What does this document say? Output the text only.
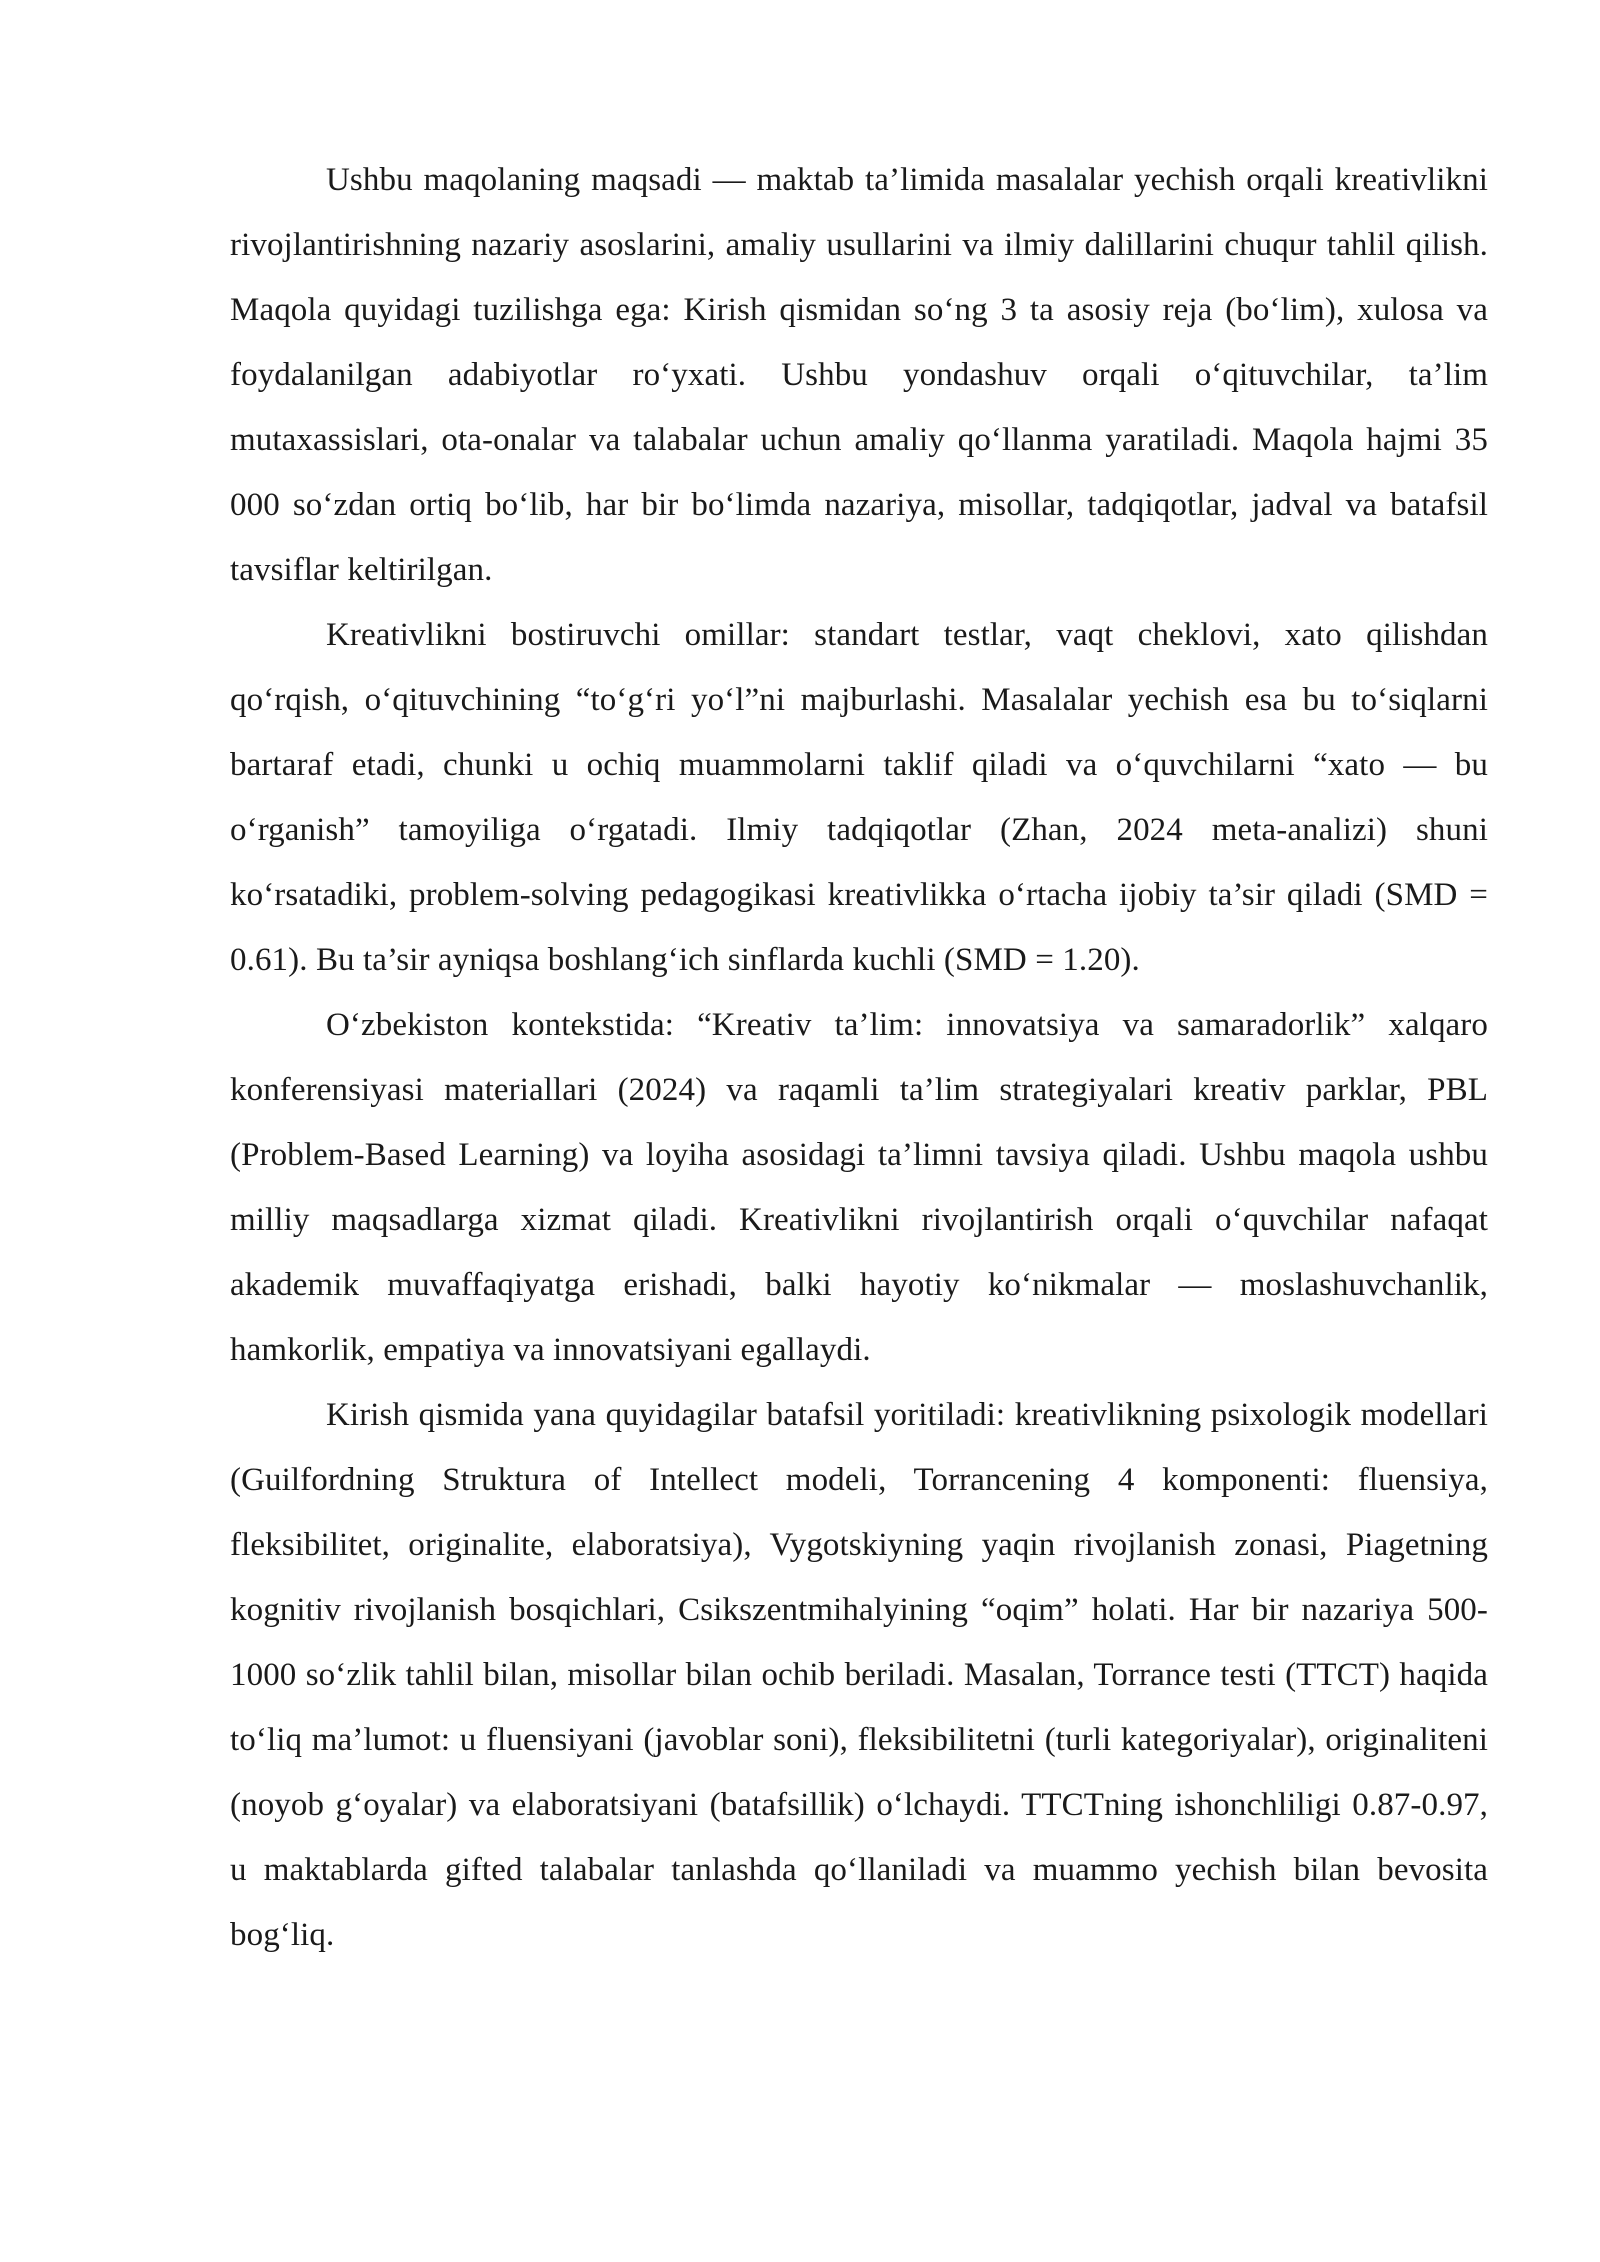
Ushbu maqolaning maqsadi — maktab ta’limida masalalar yechish orqali kreativlikni rivojlantirishning nazariy asoslarini, amaliy usullarini va ilmiy dalillarini chuqur tahlil qilish. Maqola quyidagi tuzilishga ega: Kirish qismidan so‘ng 3 ta asosiy reja (bo‘lim), xulosa va foydalanilgan adabiyotlar ro‘yxati. Ushbu yondashuv orqali o‘qituvchilar, ta’lim mutaxassislari, ota-onalar va talabalar uchun amaliy qo‘llanma yaratiladi. Maqola hajmi 35 000 so‘zdan ortiq bo‘lib, har bir bo‘limda nazariya, misollar, tadqiqotlar, jadval va batafsil tavsiflar keltirilgan.

Kreativlikni bostiruvchi omillar: standart testlar, vaqt cheklovi, xato qilishdan qo‘rqish, o‘qituvchining “to‘g‘ri yo‘l”ni majburlashi. Masalalar yechish esa bu to‘siqlarni bartaraf etadi, chunki u ochiq muammolarni taklif qiladi va o‘quvchilarni “xato — bu o‘rganish” tamoyiliga o‘rgatadi. Ilmiy tadqiqotlar (Zhan, 2024 meta-analizi) shuni ko‘rsatadiki, problem-solving pedagogikasi kreativlikka o‘rtacha ijobiy ta’sir qiladi (SMD = 0.61). Bu ta’sir ayniqsa boshlang‘ich sinflarda kuchli (SMD = 1.20).

O‘zbekiston kontekstida: “Kreativ ta’lim: innovatsiya va samaradorlik” xalqaro konferensiyasi materiallari (2024) va raqamli ta’lim strategiyalari kreativ parklar, PBL (Problem-Based Learning) va loyiha asosidagi ta’limni tavsiya qiladi. Ushbu maqola ushbu milliy maqsadlarga xizmat qiladi. Kreativlikni rivojlantirish orqali o‘quvchilar nafaqat akademik muvaffaqiyatga erishadi, balki hayotiy ko‘nikmalar — moslashuvchanlik, hamkorlik, empatiya va innovatsiyani egallaydi.

Kirish qismida yana quyidagilar batafsil yoritiladi: kreativlikning psixologik modellari (Guilfordning Struktura of Intellect modeli, Torrancening 4 komponenti: fluensiya, fleksibilitet, originalite, elaboratsiya), Vygotskiyning yaqin rivojlanish zonasi, Piagetning kognitiv rivojlanish bosqichlari, Csikszentmihalyining “oqim” holati. Har bir nazariya 500-1000 so‘zlik tahlil bilan, misollar bilan ochib beriladi. Masalan, Torrance testi (TTCT) haqida to‘liq ma’lumot: u fluensiyani (javoblar soni), fleksibilitetni (turli kategoriyalar), originaliteni (noyob g‘oyalar) va elaboratsiyani (batafsillik) o‘lchaydi. TTCTning ishonchliligi 0.87-0.97, u maktablarda gifted talabalar tanlashda qo‘llaniladi va muammo yechish bilan bevosita bog‘liq.
